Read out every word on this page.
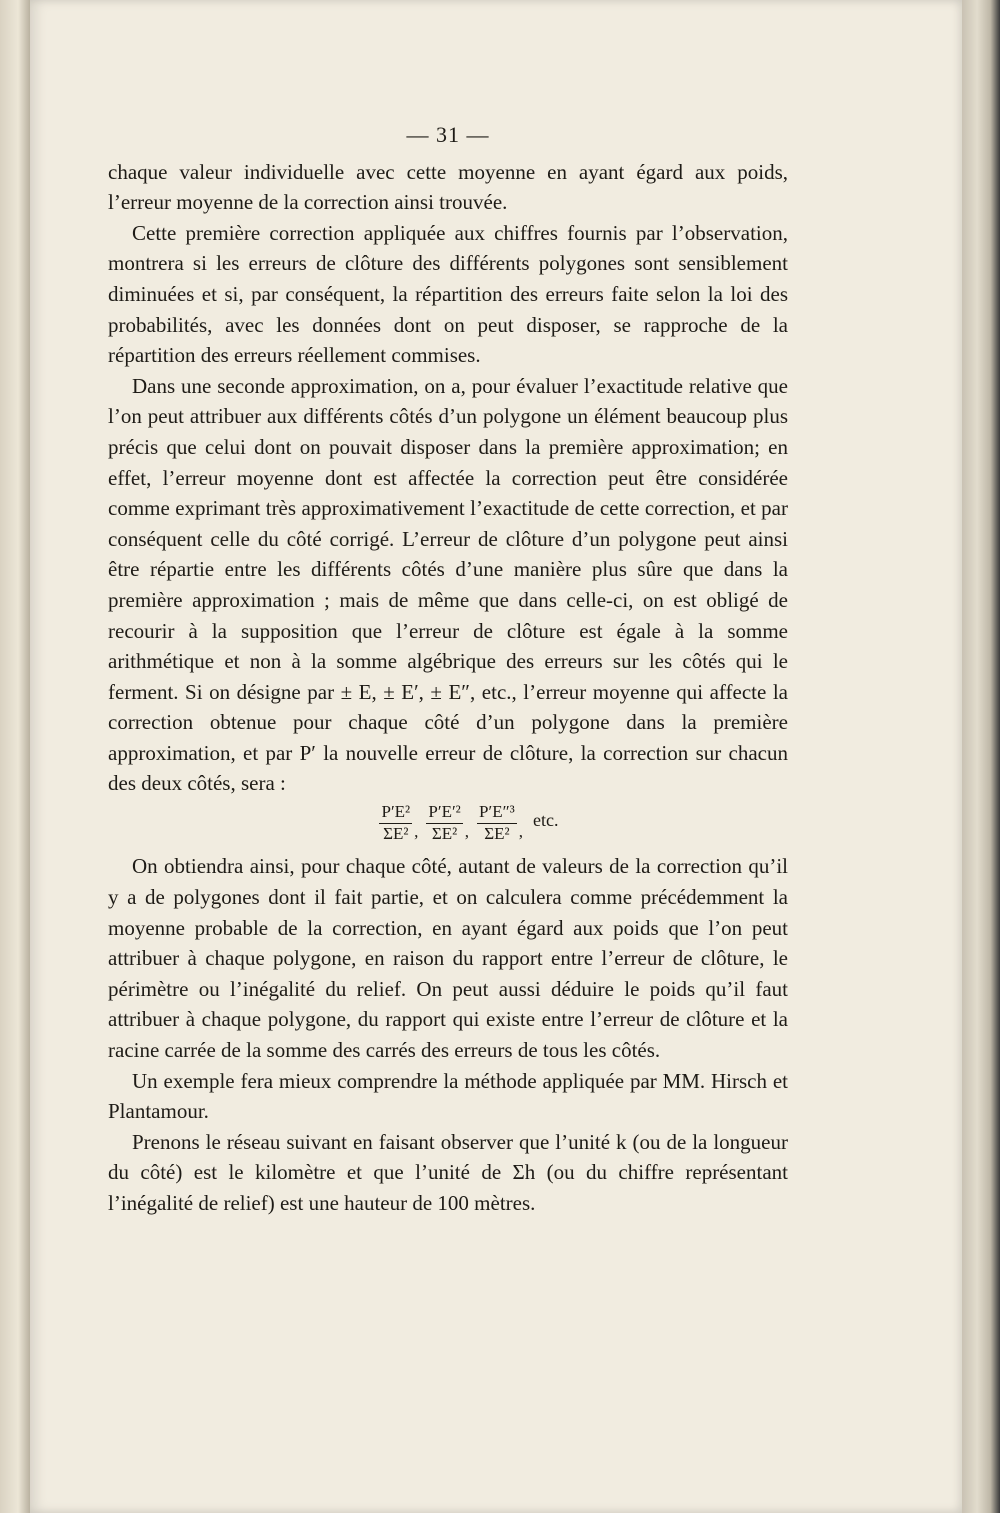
— 31 —

chaque valeur individuelle avec cette moyenne en ayant égard aux poids, l’erreur moyenne de la correction ainsi trouvée.

Cette première correction appliquée aux chiffres fournis par l’observation, montrera si les erreurs de clôture des différents polygones sont sensiblement diminuées et si, par conséquent, la répartition des erreurs faite selon la loi des probabilités, avec les données dont on peut disposer, se rapproche de la répartition des erreurs réellement commises.

Dans une seconde approximation, on a, pour évaluer l’exactitude relative que l’on peut attribuer aux différents côtés d’un polygone un élément beaucoup plus précis que celui dont on pouvait disposer dans la première approximation; en effet, l’erreur moyenne dont est affectée la correction peut être considérée comme exprimant très approximativement l’exactitude de cette correction, et par conséquent celle du côté corrigé. L’erreur de clôture d’un polygone peut ainsi être répartie entre les différents côtés d’une manière plus sûre que dans la première approximation ; mais de même que dans celle-ci, on est obligé de recourir à la supposition que l’erreur de clôture est égale à la somme arithmétique et non à la somme algébrique des erreurs sur les côtés qui le ferment. Si on désigne par ± E, ± E′, ± E″, etc., l’erreur moyenne qui affecte la correction obtenue pour chaque côté d’un polygone dans la première approximation, et par P′ la nouvelle erreur de clôture, la correction sur chacun des deux côtés, sera :

$\frac{\text{P′E²}}{\text{ΣE²}}$ , $\frac{\text{P′E′²}}{\text{ΣE²}}$ , $\frac{\text{P′E″³}}{\text{ΣE²}}$ ,
etc.

On obtiendra ainsi, pour chaque côté, autant de valeurs de la correction qu’il y a de polygones dont il fait partie, et on calculera comme précédemment la moyenne probable de la correction, en ayant égard aux poids que l’on peut attribuer à chaque polygone, en raison du rapport entre l’erreur de clôture, le périmètre ou l’inégalité du relief. On peut aussi déduire le poids qu’il faut attribuer à chaque polygone, du rapport qui existe entre l’erreur de clôture et la racine carrée de la somme des carrés des erreurs de tous les côtés.

Un exemple fera mieux comprendre la méthode appliquée par MM. Hirsch et Plantamour.

Prenons le réseau suivant en faisant observer que l’unité k (ou de la longueur du côté) est le kilomètre et que l’unité de Σh (ou du chiffre représentant l’inégalité de relief) est une hauteur de 100 mètres.
